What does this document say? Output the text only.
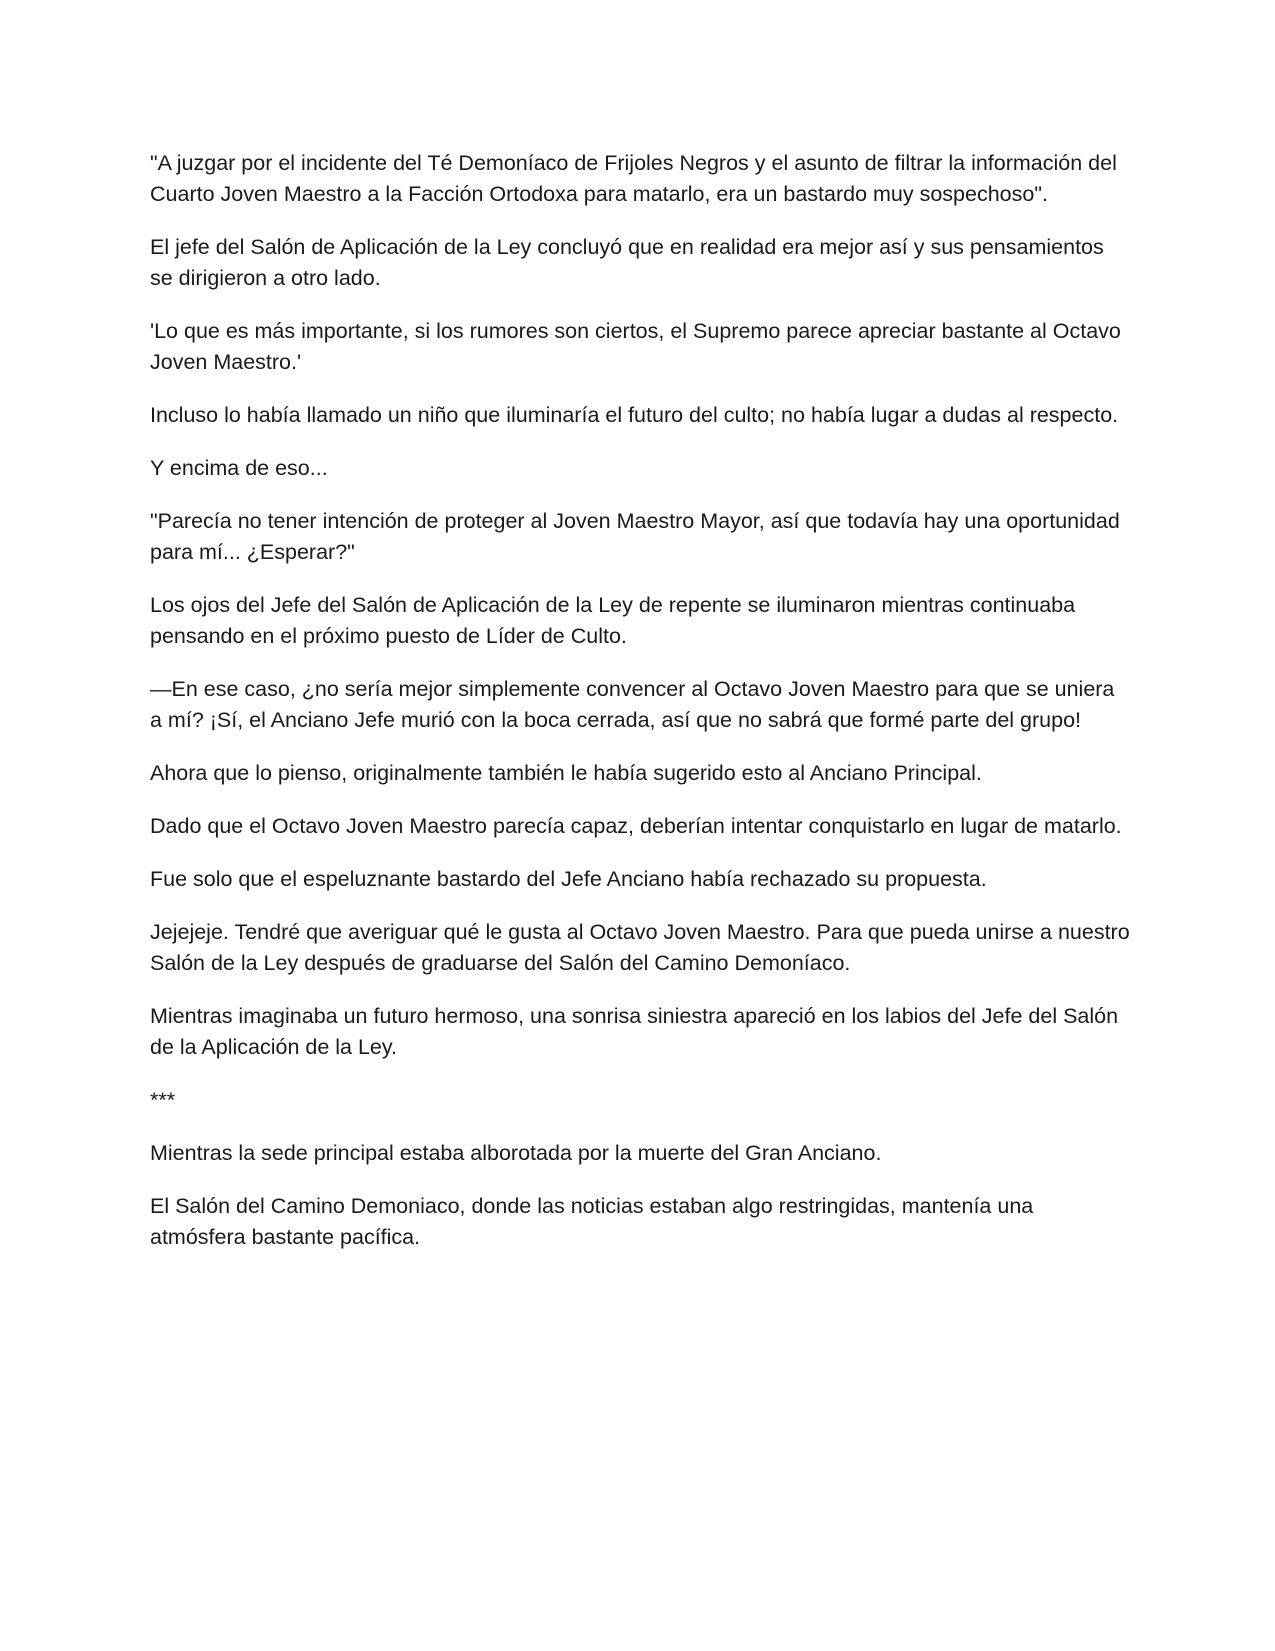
"A juzgar por el incidente del Té Demoníaco de Frijoles Negros y el asunto de filtrar la información del Cuarto Joven Maestro a la Facción Ortodoxa para matarlo, era un bastardo muy sospechoso".

El jefe del Salón de Aplicación de la Ley concluyó que en realidad era mejor así y sus pensamientos se dirigieron a otro lado.

'Lo que es más importante, si los rumores son ciertos, el Supremo parece apreciar bastante al Octavo Joven Maestro.'

Incluso lo había llamado un niño que iluminaría el futuro del culto; no había lugar a dudas al respecto.

Y encima de eso...

"Parecía no tener intención de proteger al Joven Maestro Mayor, así que todavía hay una oportunidad para mí... ¿Esperar?"

Los ojos del Jefe del Salón de Aplicación de la Ley de repente se iluminaron mientras continuaba pensando en el próximo puesto de Líder de Culto.

—En ese caso, ¿no sería mejor simplemente convencer al Octavo Joven Maestro para que se uniera a mí? ¡Sí, el Anciano Jefe murió con la boca cerrada, así que no sabrá que formé parte del grupo!

Ahora que lo pienso, originalmente también le había sugerido esto al Anciano Principal.

Dado que el Octavo Joven Maestro parecía capaz, deberían intentar conquistarlo en lugar de matarlo.

Fue solo que el espeluznante bastardo del Jefe Anciano había rechazado su propuesta.

Jejejeje. Tendré que averiguar qué le gusta al Octavo Joven Maestro. Para que pueda unirse a nuestro Salón de la Ley después de graduarse del Salón del Camino Demoníaco.

Mientras imaginaba un futuro hermoso, una sonrisa siniestra apareció en los labios del Jefe del Salón de la Aplicación de la Ley.

***

Mientras la sede principal estaba alborotada por la muerte del Gran Anciano.

El Salón del Camino Demoniaco, donde las noticias estaban algo restringidas, mantenía una atmósfera bastante pacífica.
